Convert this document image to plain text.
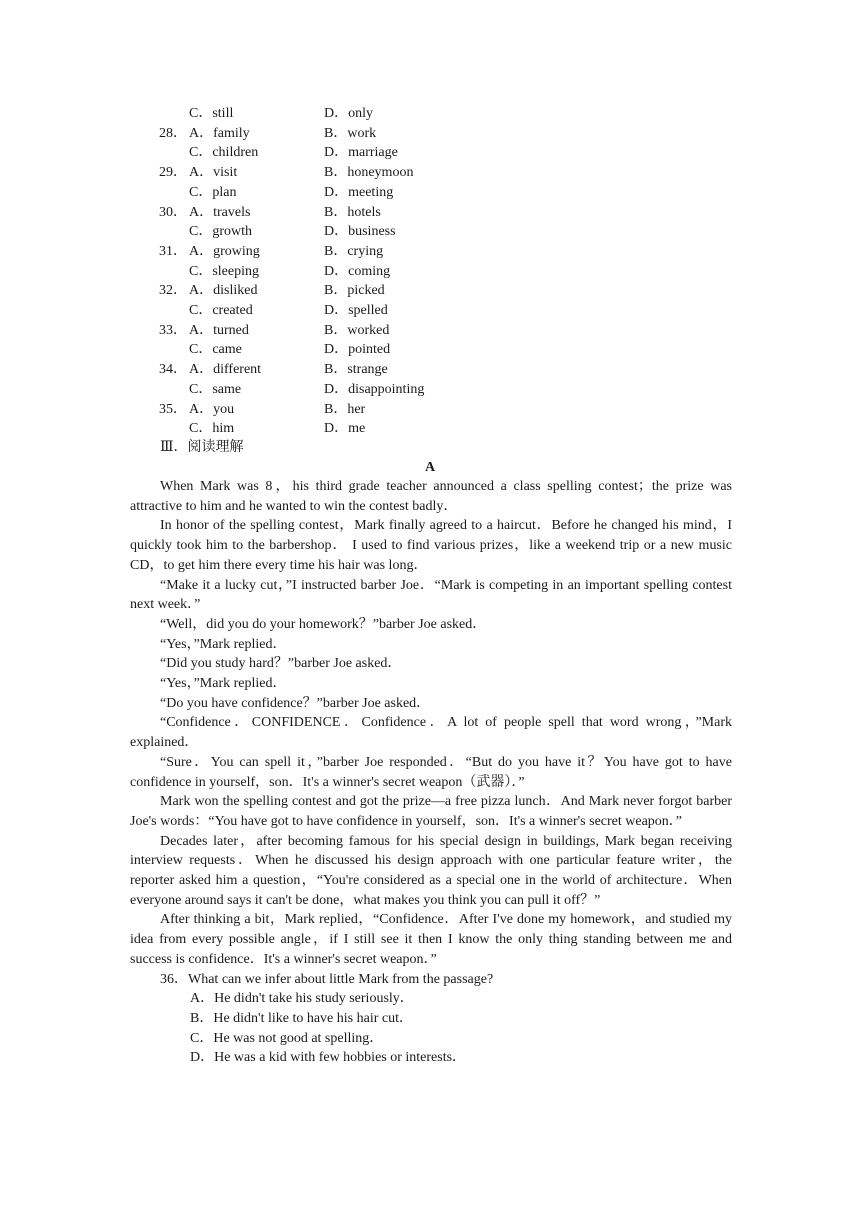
C．still	D．only
28． A．family	B．work
C．children	D．marriage
29． A．visit	B．honeymoon
C．plan	D．meeting
30． A．travels	B．hotels
C．growth	D．business
31． A．growing	B．crying
C．sleeping	D．coming
32． A．disliked	B．picked
C．created	D．spelled
33． A．turned	B．worked
C．came	D．pointed
34． A．different	B．strange
C．same	D．disappointing
35． A．you	B．her
C．him	D．me
Ⅲ．阅读理解
A

When Mark was 8，his third grade teacher announced a class spelling contest；the prize was attractive to him and he wanted to win the contest badly．

In honor of the spelling contest，Mark finally agreed to a haircut．Before he changed his mind，I quickly took him to the barbershop． I used to find various prizes，like a weekend trip or a new music CD，to get him there every time his hair was long．

“Make it a lucky cut，”I instructed barber Joe．“Mark is competing in an important spelling contest next week．”

“Well，did you do your homework？”barber Joe asked．

“Yes，”Mark replied．

“Did you study hard？”barber Joe asked．

“Yes，”Mark replied．

“Do you have confidence？”barber Joe asked．

“Confidence．CONFIDENCE．Confidence．A lot of people spell that word wrong，”Mark explained．

“Sure．You can spell it，”barber Joe responded．“But do you have it？You have got to have confidence in yourself，son．It's a winner's secret weapon（武器）．”

Mark won the spelling contest and got the prize—a free pizza lunch．And Mark never forgot barber Joe's words：“You have got to have confidence in yourself，son．It's a winner's secret weapon．”

Decades later，after becoming famous for his special design in buildings, Mark began receiving interview requests．When he discussed his design approach with one particular feature writer，the reporter asked him a question，“You're considered as a special one in the world of architecture．When everyone around says it can't be done，what makes you think you can pull it off？”

After thinking a bit，Mark replied，“Confidence．After I've done my homework，and studied my idea from every possible angle，if I still see it then I know the only thing standing between me and success is confidence．It's a winner's secret weapon．”

36．What can we infer about little Mark from the passage?

A．He didn't take his study seriously．

B．He didn't like to have his hair cut．

C．He was not good at spelling．

D．He was a kid with few hobbies or interests．
